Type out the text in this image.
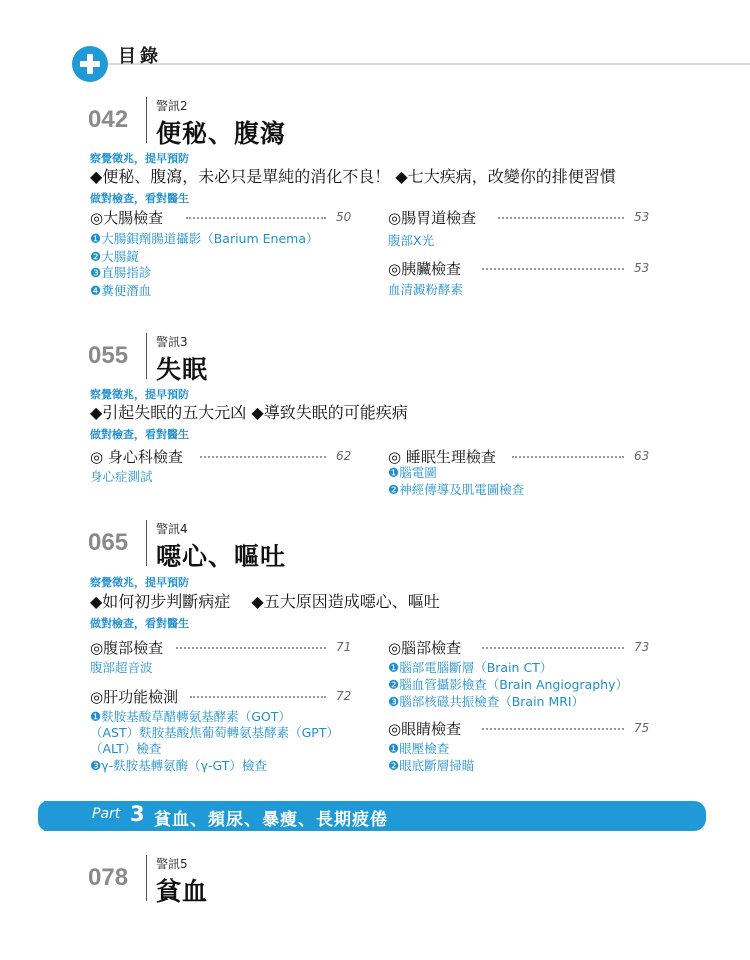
目錄
042 警訊2
便秘、腹瀉
察覺徵兆，提早預防
◆便秘、腹瀉，未必只是單純的消化不良！ ◆七大疾病，改變你的排便習慣
做對檢查，看對醫生
◎大腸檢查	50
❶大腸鋇劑腸道攝影（Barium Enema）
❷大腸鏡
❸直腸指診
❹糞便潛血
◎腸胃道檢查	53
腹部X光
◎胰臟檢查	53
血清澱粉酵素
055 警訊3
失眠
察覺徵兆，提早預防
◆引起失眠的五大元凶 ◆導致失眠的可能疾病
做對檢查，看對醫生
◎ 身心科檢查	62
身心症測試
◎ 睡眠生理檢查	63
❶腦電圖
❷神經傳導及肌電圖檢查
065 警訊4
噁心、嘔吐
察覺徵兆，提早預防
◆如何初步判斷病症　 ◆五大原因造成噁心、嘔吐
做對檢查，看對醫生
◎腹部檢查	71
腹部超音波
◎肝功能檢測	72
❶麩胺基酸草醋轉氨基酵素（GOT）
（AST）麩胺基酸焦葡萄轉氨基酵素（GPT）
（ALT）檢查
❸γ-麩胺基轉氨酶（γ-GT）檢查
◎腦部檢查	73
❶腦部電腦斷層（Brain CT）
❷腦血管攝影檢查（Brain Angiography）
❸腦部核磁共振檢查（Brain MRI）
◎眼睛檢查	75
❶眼壓檢查
❷眼底斷層掃瞄
Part 3 貧血、頻尿、暴瘦、長期疲倦
078 警訊5
貧血
